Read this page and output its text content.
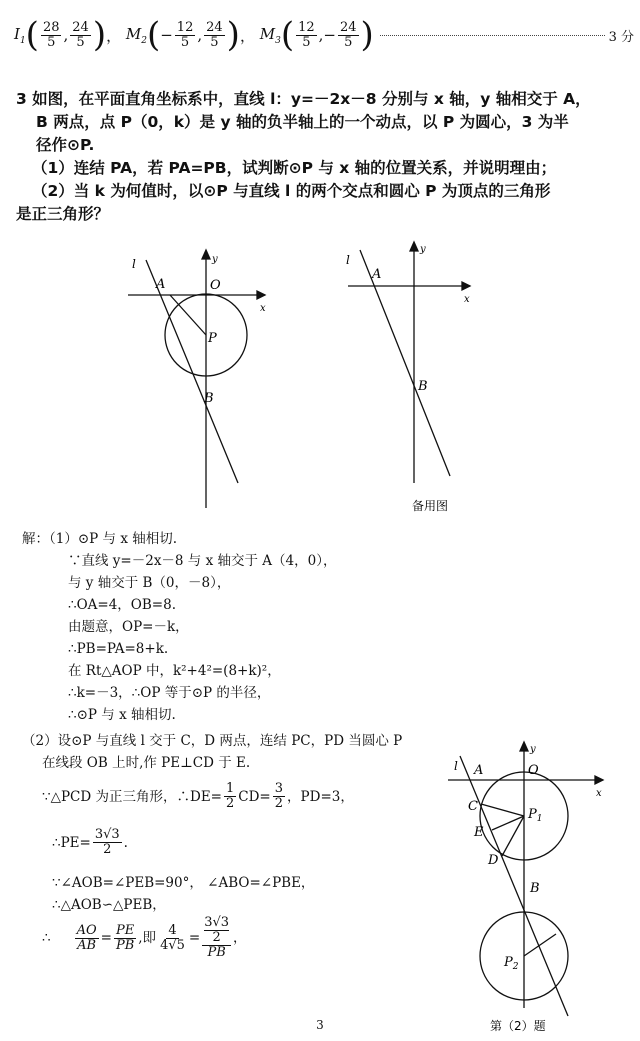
$I_1$ ( $\frac{28}{5}$ , $\frac{24}{5}$ ) ， $M_2$ ( − $\frac{12}{5}$ , $\frac{24}{5}$ ) ， $M_3$ ( $\frac{12}{5}$ ,− $\frac{24}{5}$ )	3 分
3 如图，在平面直角坐标系中，直线 l：y=－2x－8 分别与 x 轴，y 轴相交于 A，
B 两点，点 P（0，k）是 y 轴的负半轴上的一个动点，以 P 为圆心，3 为半
径作⊙P.
（1）连结 PA，若 PA=PB，试判断⊙P 与 x 轴的位置关系，并说明理由；
（2）当 k 为何值时，以⊙P 与直线 l 的两个交点和圆心 P 为顶点的三角形
是正三角形？
l
A	O
x
y
P
B
l
A
x
y
B
备用图
解：（1）⊙P 与 x 轴相切.
∵直线 y=－2x－8 与 x 轴交于 A（4，0），
与 y 轴交于 B（0，－8），
∴OA=4，OB=8.
由题意，OP=－k，
∴PB=PA=8+k.
在 Rt△AOP 中，k²+4²=(8+k)²，
∴k=－3，∴OP 等于⊙P 的半径，
∴⊙P 与 x 轴相切.
（2）设⊙P 与直线 l 交于 C，D 两点，连结 PC，PD 当圆心 P
在线段 OB 上时,作 PE⊥CD 于 E.
∵△PCD 为正三角形，∴DE= $\frac{1}{2} CD= \frac{3}{2}$ ，PD=3，
∴PE= $\frac{3√3}{2}$ .
∵∠AOB=∠PEB=90°， ∠ABO=∠PBE，
∴△AOB∽△PEB，
∴ $\frac{AO}{AB} = \frac{PE}{PB}$ ,即 $\frac{4}{4√5} = 3√3$
2
PB ，
l A	O
x
y
C
E
$P_1$
D
B
$P_2$
第（2）题
3
